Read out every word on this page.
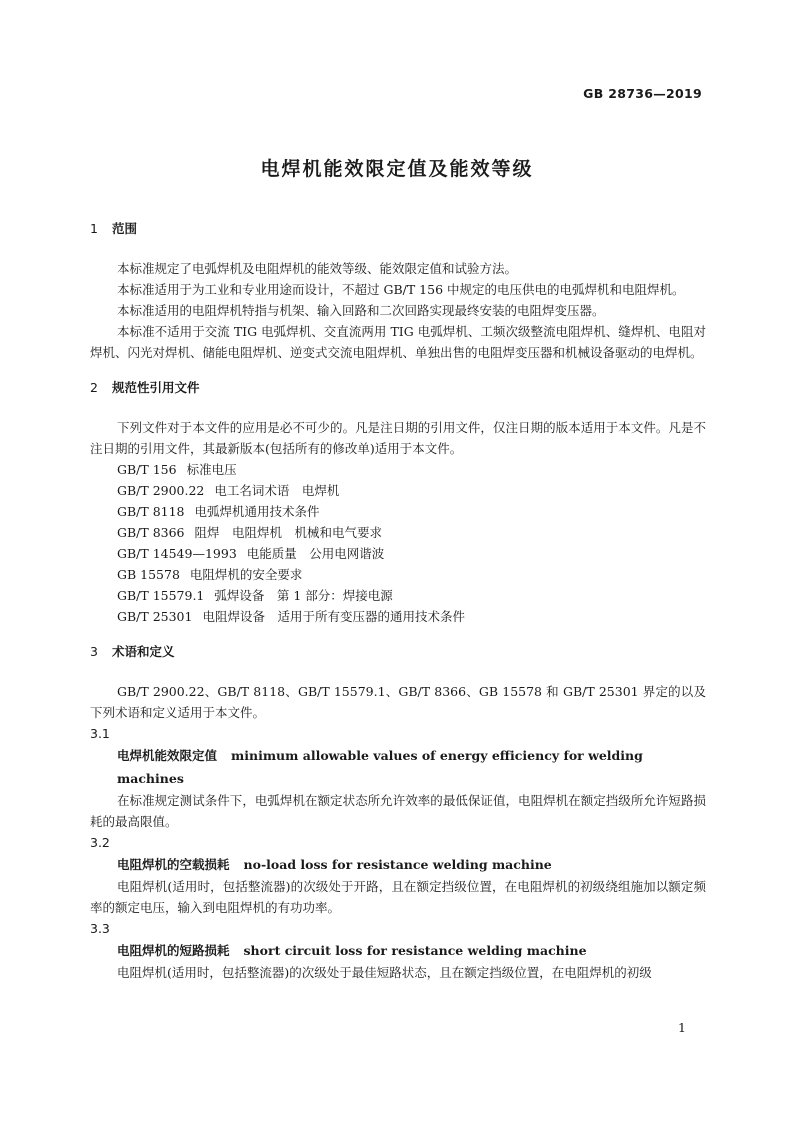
GB 28736—2019
电焊机能效限定值及能效等级
1 范围

本标准规定了电弧焊机及电阻焊机的能效等级、能效限定值和试验方法。

本标准适用于为工业和专业用途而设计，不超过 GB/T 156 中规定的电压供电的电弧焊机和电阻焊机。

本标准适用的电阻焊机特指与机架、输入回路和二次回路实现最终安装的电阻焊变压器。

本标准不适用于交流 TIG 电弧焊机、交直流两用 TIG 电弧焊机、工频次级整流电阻焊机、缝焊机、电阻对焊机、闪光对焊机、储能电阻焊机、逆变式交流电阻焊机、单独出售的电阻焊变压器和机械设备驱动的电焊机。

2 规范性引用文件

下列文件对于本文件的应用是必不可少的。凡是注日期的引用文件，仅注日期的版本适用于本文件。凡是不注日期的引用文件，其最新版本(包括所有的修改单)适用于本文件。

GB/T 156 标准电压
GB/T 2900.22 电工名词术语　电焊机
GB/T 8118 电弧焊机通用技术条件
GB/T 8366 阻焊　电阻焊机　机械和电气要求
GB/T 14549—1993 电能质量　公用电网谐波
GB 15578 电阻焊机的安全要求
GB/T 15579.1 弧焊设备　第 1 部分：焊接电源
GB/T 25301 电阻焊设备　适用于所有变压器的通用技术条件
3 术语和定义

GB/T 2900.22、GB/T 8118、GB/T 15579.1、GB/T 8366、GB 15578 和 GB/T 25301 界定的以及下列术语和定义适用于本文件。

3.1
电焊机能效限定值 minimum allowable values of energy efficiency for welding machines

在标准规定测试条件下，电弧焊机在额定状态所允许效率的最低保证值，电阻焊机在额定挡级所允许短路损耗的最高限值。

3.2
电阻焊机的空载损耗 no-load loss for resistance welding machine

电阻焊机(适用时，包括整流器)的次级处于开路，且在额定挡级位置，在电阻焊机的初级绕组施加以额定频率的额定电压，输入到电阻焊机的有功功率。

3.3
电阻焊机的短路损耗 short circuit loss for resistance welding machine

电阻焊机(适用时，包括整流器)的次级处于最佳短路状态，且在额定挡级位置，在电阻焊机的初级

1
